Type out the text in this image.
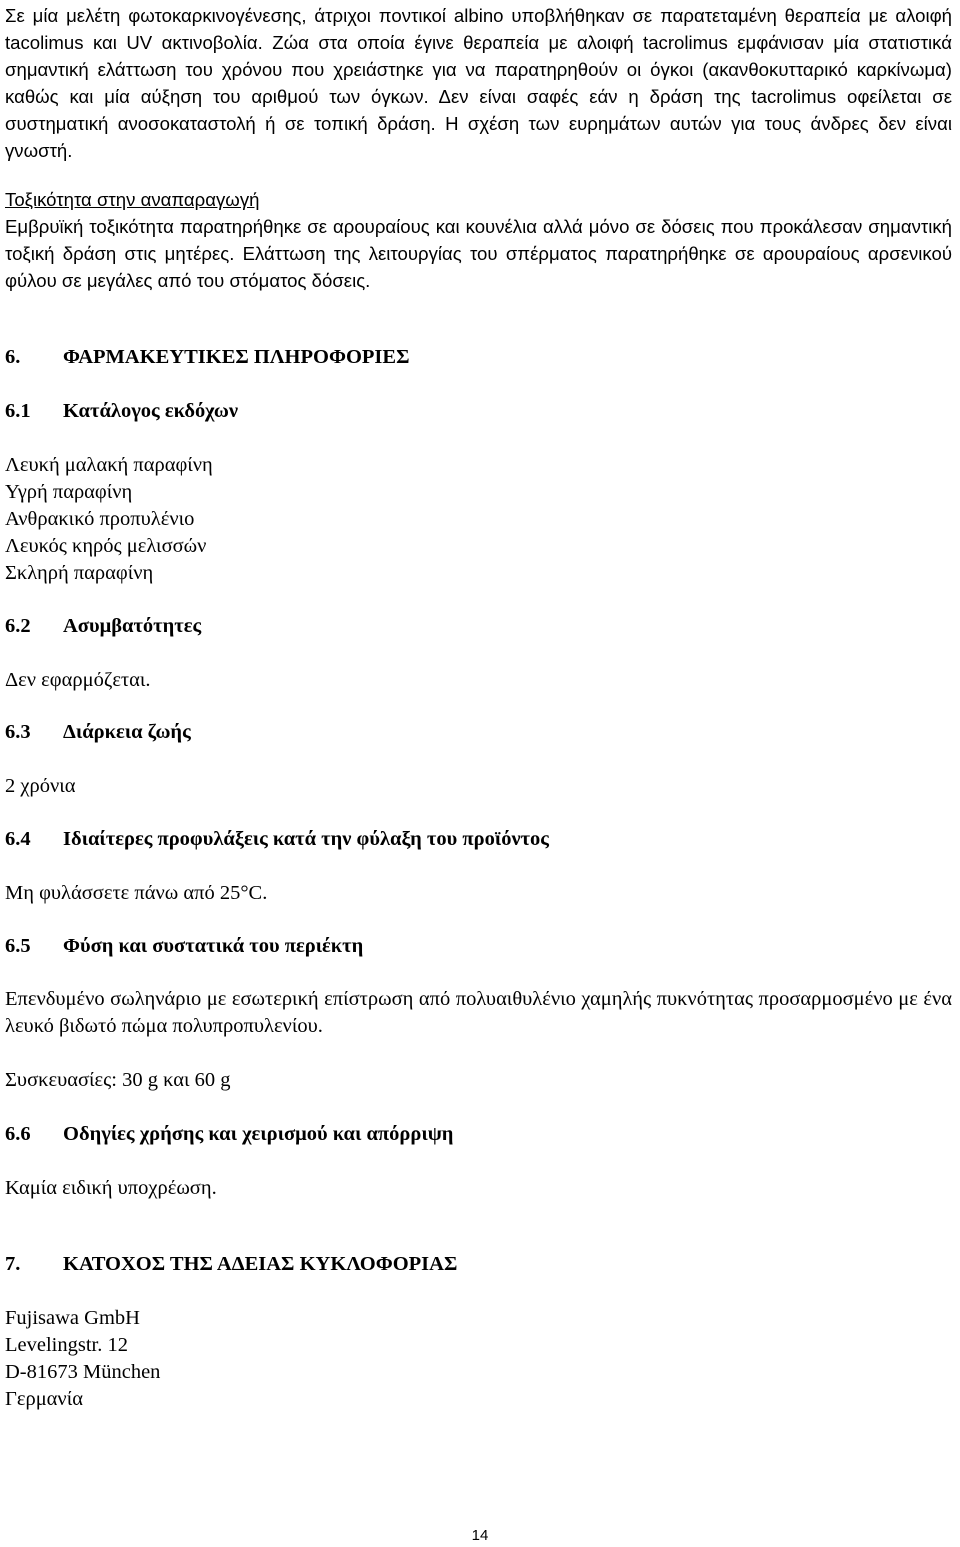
Σε μία μελέτη φωτοκαρκινογένεσης, άτριχοι ποντικοί albino υποβλήθηκαν σε παρατεταμένη θεραπεία με αλοιφή tacolimus και UV ακτινοβολία. Ζώα στα οποία έγινε θεραπεία με αλοιφή tacrolimus εμφάνισαν μία στατιστικά σημαντική ελάττωση του χρόνου που χρειάστηκε για να παρατηρηθούν οι όγκοι (ακανθοκυτταρικό καρκίνωμα) καθώς και μία αύξηση του αριθμού των όγκων. Δεν είναι σαφές εάν η δράση της tacrolimus οφείλεται σε συστηματική ανοσοκαταστολή ή σε τοπική δράση. Η σχέση των ευρημάτων αυτών για τους άνδρες δεν είναι γνωστή.

Τοξικότητα στην αναπαραγωγή

Εμβρυϊκή τοξικότητα παρατηρήθηκε σε αρουραίους και κουνέλια αλλά μόνο σε δόσεις που προκάλεσαν σημαντική τοξική δράση στις μητέρες. Ελάττωση της λειτουργίας του σπέρματος παρατηρήθηκε σε αρουραίους αρσενικού φύλου σε μεγάλες από του στόματος δόσεις.

6. ΦΑΡΜΑΚΕΥΤΙΚΕΣ ΠΛΗΡΟΦΟΡΙΕΣ
6.1 Κατάλογος εκδόχων
Λευκή μαλακή παραφίνη
Υγρή παραφίνη
Ανθρακικό προπυλένιο
Λευκός κηρός μελισσών
Σκληρή παραφίνη
6.2 Ασυμβατότητες

Δεν εφαρμόζεται.

6.3 Διάρκεια ζωής

2 χρόνια

6.4 Ιδιαίτερες προφυλάξεις κατά την φύλαξη του προϊόντος

Μη φυλάσσετε πάνω από 25°C.

6.5 Φύση και συστατικά του περιέκτη

Επενδυμένο σωληνάριο με εσωτερική επίστρωση από πολυαιθυλένιο χαμηλής πυκνότητας προσαρμοσμένο με ένα λευκό βιδωτό πώμα πολυπροπυλενίου.

Συσκευασίες: 30 g και 60 g

6.6 Οδηγίες χρήσης και χειρισμού και απόρριψη

Καμία ειδική υποχρέωση.

7. ΚΑΤΟΧΟΣ ΤΗΣ ΑΔΕΙΑΣ ΚΥΚΛΟΦΟΡΙΑΣ
Fujisawa GmbH
Levelingstr. 12
D-81673 München
Γερμανία
14
